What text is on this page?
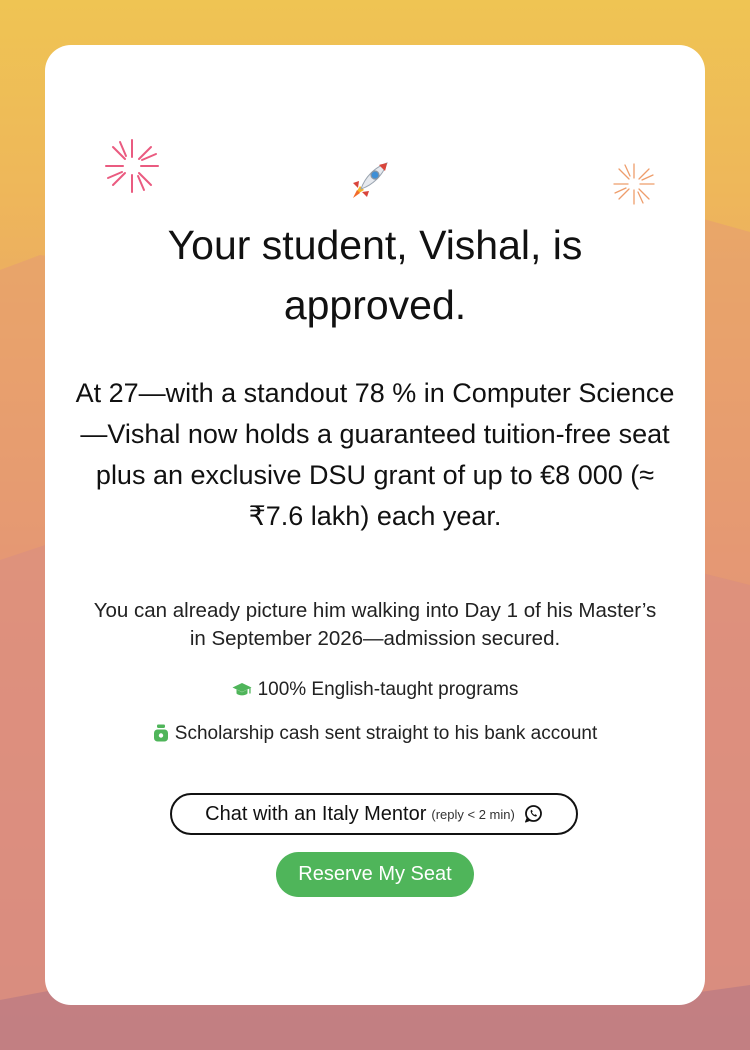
Your student, Vishal, is approved.

At 27—with a standout 78 % in Computer Science—Vishal now holds a guaranteed tuition-free seat plus an exclusive DSU grant of up to €8 000 (≈ ₹7.6 lakh) each year.

You can already picture him walking into Day 1 of his Master’s in September 2026—admission secured.

100% English-taught programs
Scholarship cash sent straight to his bank account
Chat with an Italy Mentor (reply < 2 min)
Reserve My Seat
